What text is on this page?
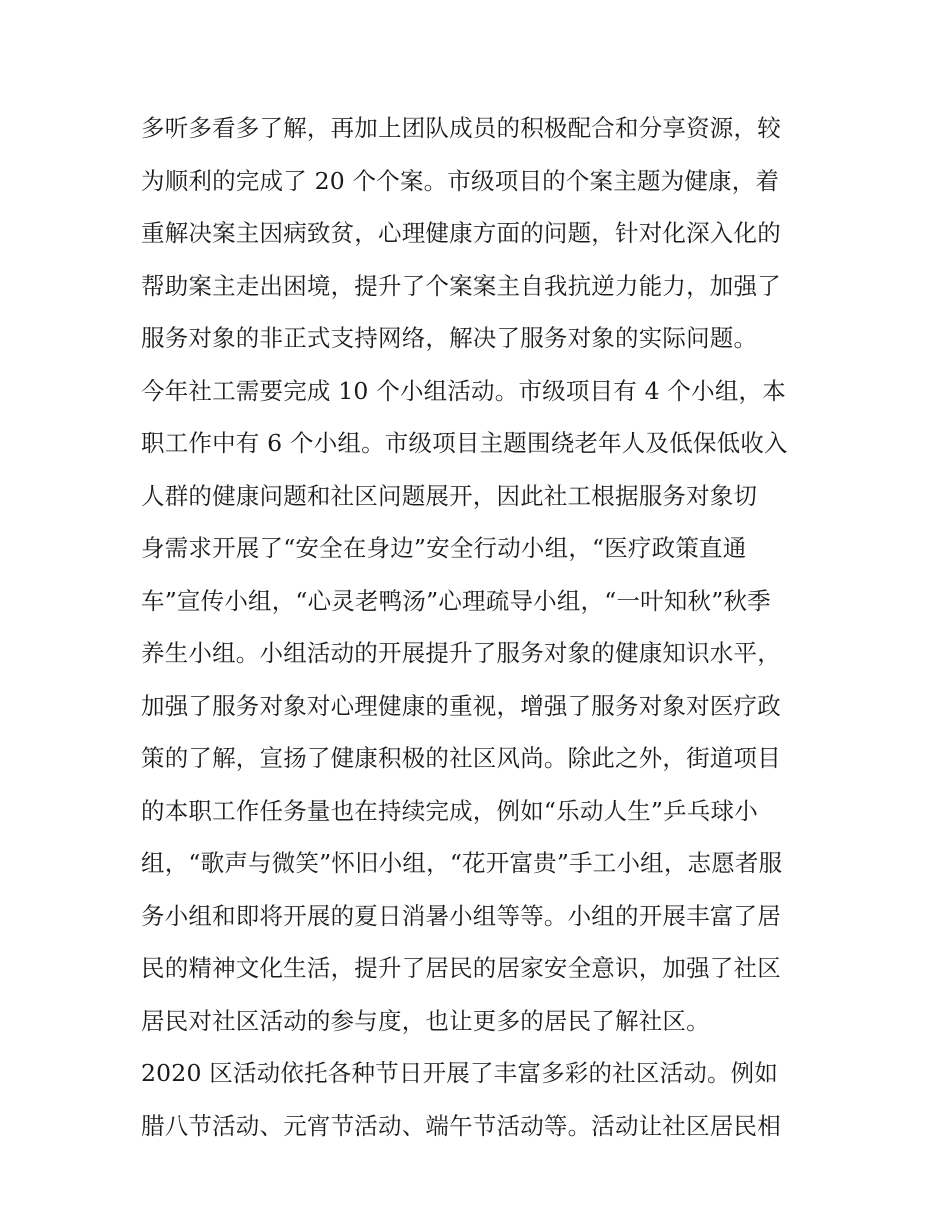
多听多看多了解，再加上团队成员的积极配合和分享资源，较
为顺利的完成了 20 个个案。市级项目的个案主题为健康，着
重解决案主因病致贫，心理健康方面的问题，针对化深入化的
帮助案主走出困境，提升了个案案主自我抗逆力能力，加强了
服务对象的非正式支持网络，解决了服务对象的实际问题。
今年社工需要完成 10 个小组活动。市级项目有 4 个小组，本
职工作中有 6 个小组。市级项目主题围绕老年人及低保低收入
人群的健康问题和社区问题展开，因此社工根据服务对象切
身需求开展了“安全在身边”安全行动小组，“医疗政策直通
车”宣传小组，“心灵老鸭汤”心理疏导小组，“一叶知秋”秋季
养生小组。小组活动的开展提升了服务对象的健康知识水平，
加强了服务对象对心理健康的重视，增强了服务对象对医疗政
策的了解，宣扬了健康积极的社区风尚。除此之外，街道项目
的本职工作任务量也在持续完成，例如“乐动人生”乒乓球小
组，“歌声与微笑”怀旧小组，“花开富贵”手工小组，志愿者服
务小组和即将开展的夏日消暑小组等等。小组的开展丰富了居
民的精神文化生活，提升了居民的居家安全意识，加强了社区
居民对社区活动的参与度，也让更多的居民了解社区。
2020 区活动依托各种节日开展了丰富多彩的社区活动。例如
腊八节活动、元宵节活动、端午节活动等。活动让社区居民相
